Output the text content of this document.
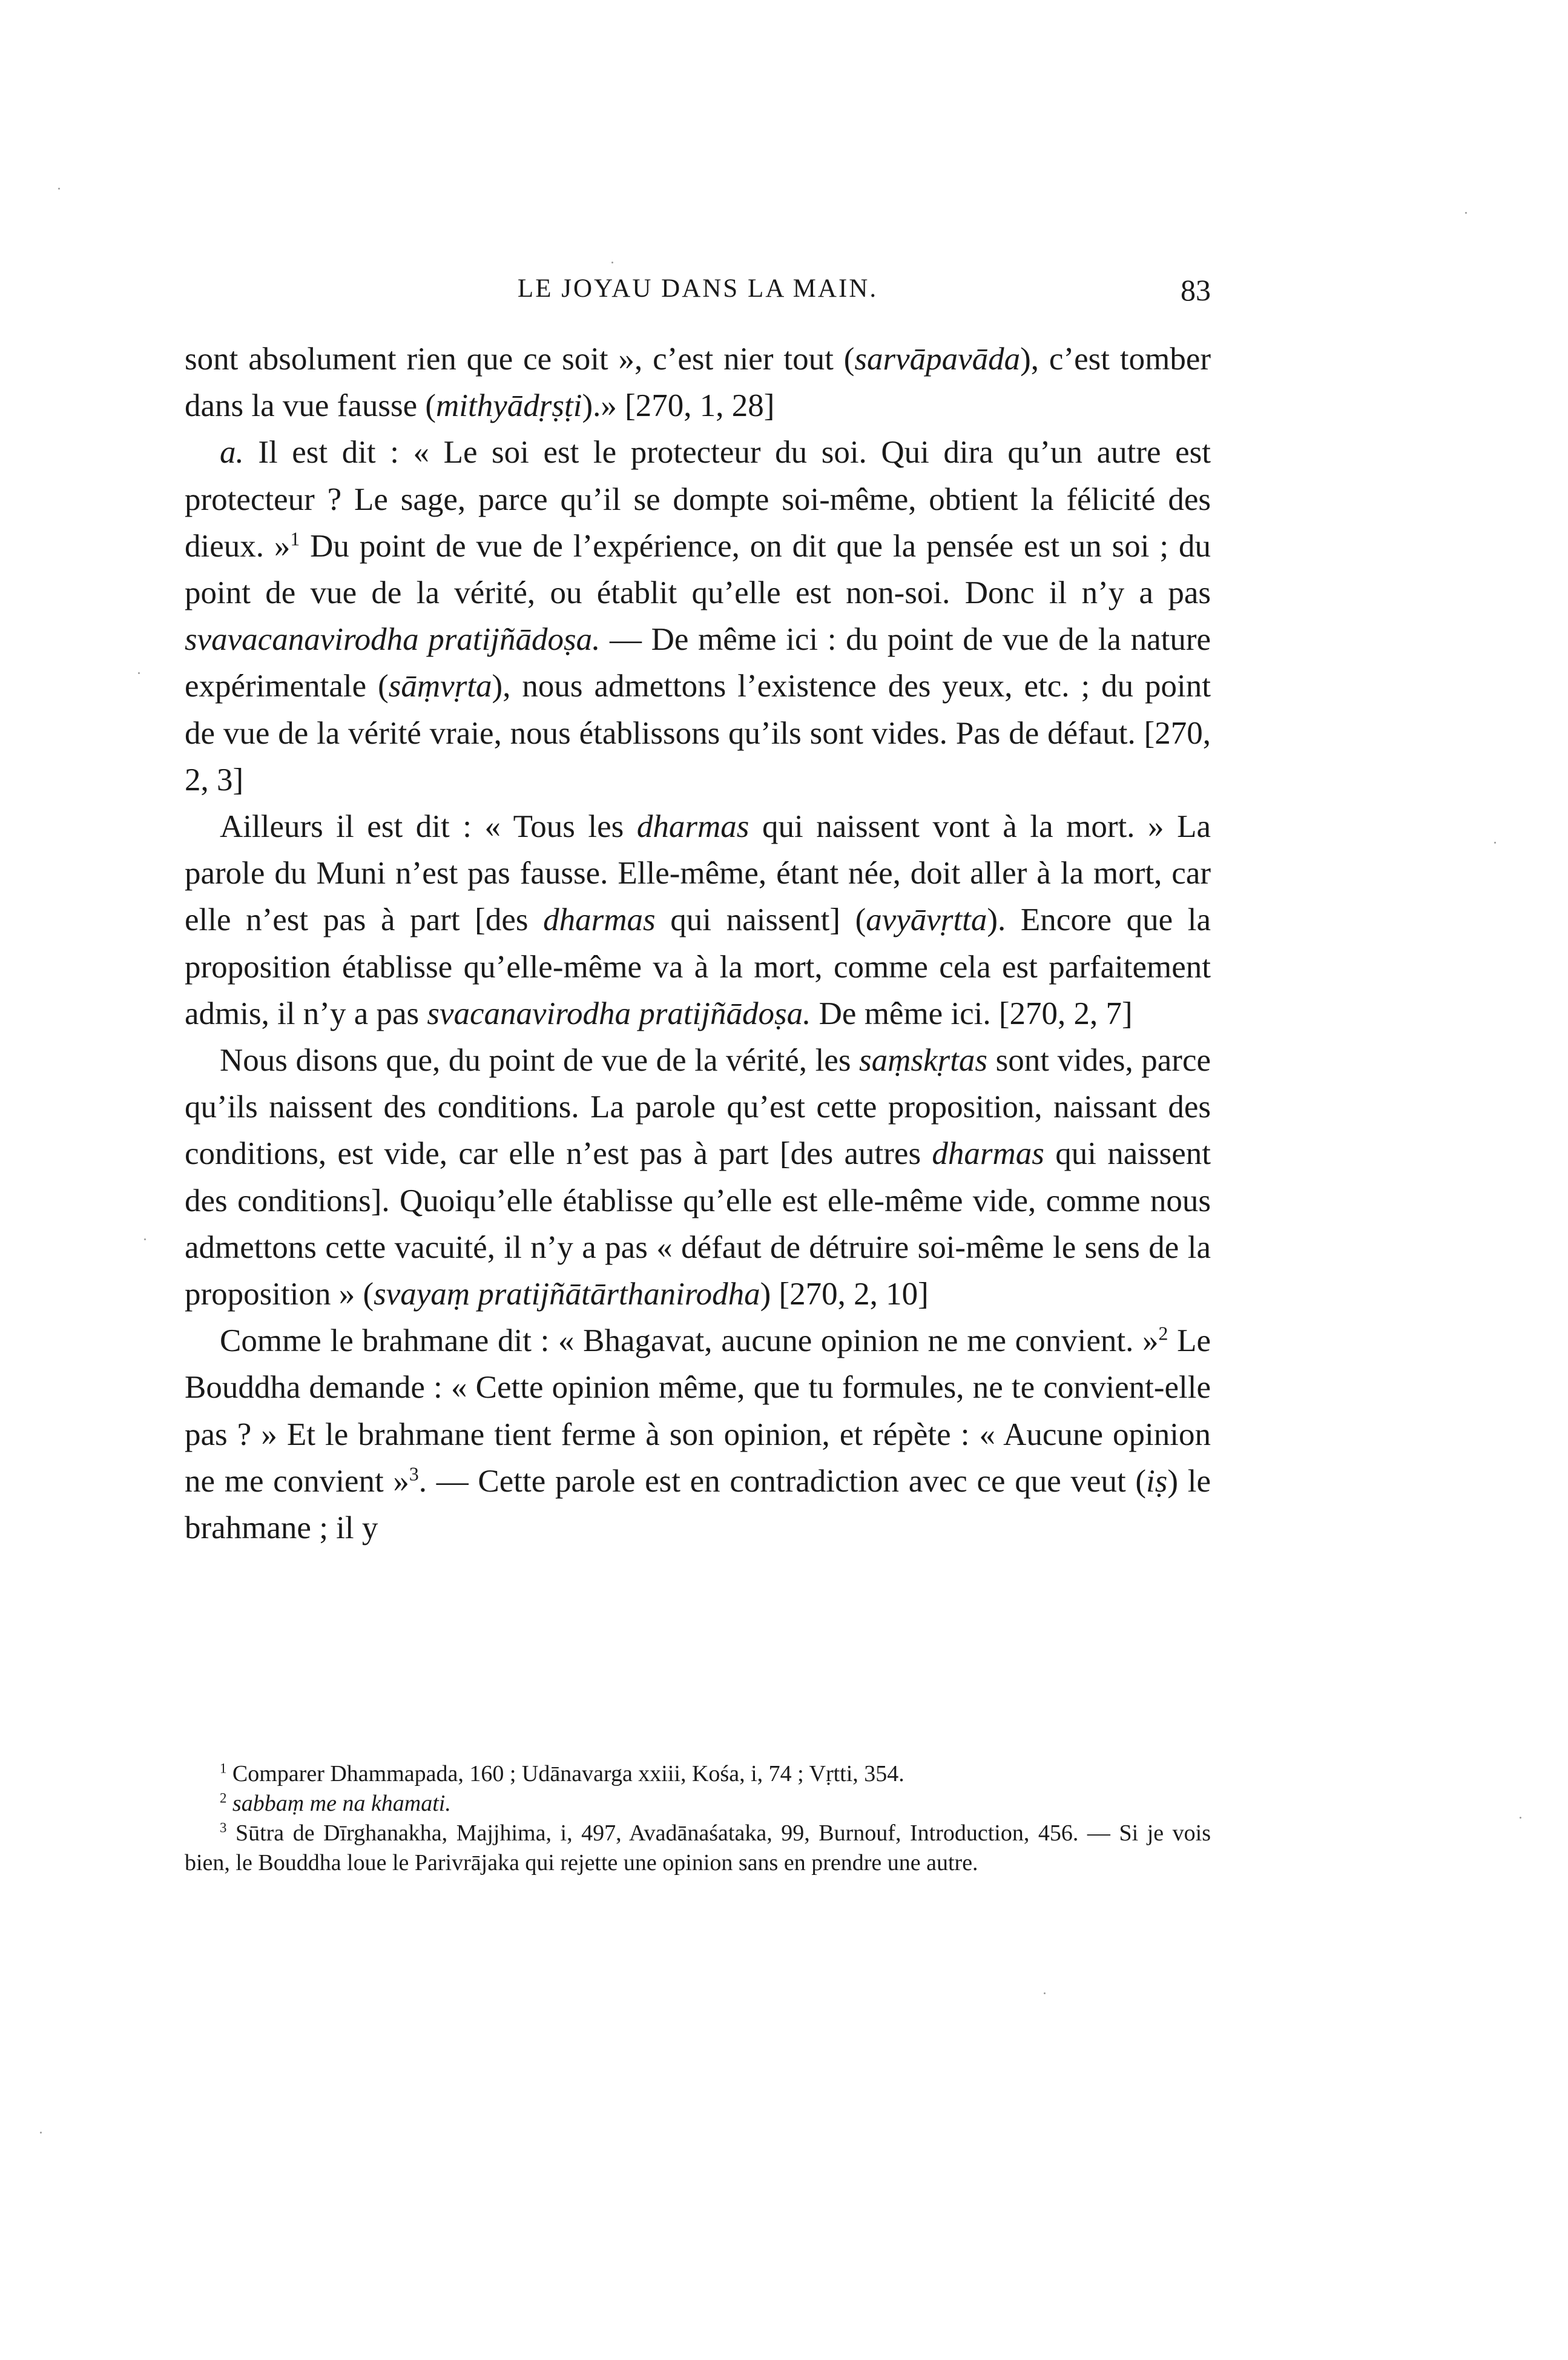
LE JOYAU DANS LA MAIN.	83

sont absolument rien que ce soit », c’est nier tout (sarvāpavāda), c’est tomber dans la vue fausse (mithyādṛṣṭi).» [270, 1, 28]

a. Il est dit : « Le soi est le protecteur du soi. Qui dira qu’un autre est protecteur ? Le sage, parce qu’il se dompte soi-même, obtient la félicité des dieux. »$^1$ Du point de vue de l’expérience, on dit que la pensée est un soi ; du point de vue de la vérité, ou établit qu’elle est non-soi. Donc il n’y a pas svavacanavirodha pratijñādoṣa. — De même ici : du point de vue de la nature expérimentale (sāṃvṛta), nous admettons l’existence des yeux, etc. ; du point de vue de la vérité vraie, nous établissons qu’ils sont vides. Pas de défaut. [270, 2, 3]

Ailleurs il est dit : « Tous les dharmas qui naissent vont à la mort. » La parole du Muni n’est pas fausse. Elle-même, étant née, doit aller à la mort, car elle n’est pas à part [des dharmas qui naissent] (avyāvṛtta). Encore que la proposition établisse qu’elle-même va à la mort, comme cela est parfaitement admis, il n’y a pas svacanavirodha pratijñādoṣa. De même ici. [270, 2, 7]

Nous disons que, du point de vue de la vérité, les saṃskṛtas sont vides, parce qu’ils naissent des conditions. La parole qu’est cette proposition, naissant des conditions, est vide, car elle n’est pas à part [des autres dharmas qui naissent des conditions]. Quoiqu’elle établisse qu’elle est elle-même vide, comme nous admettons cette vacuité, il n’y a pas « défaut de détruire soi-même le sens de la proposition » (svayaṃ pratijñātārthanirodha) [270, 2, 10]

Comme le brahmane dit : « Bhagavat, aucune opinion ne me convient. »$^2$ Le Bouddha demande : « Cette opinion même, que tu formules, ne te convient-elle pas ? » Et le brahmane tient ferme à son opinion, et répète : « Aucune opinion ne me convient »$^3$. — Cette parole est en contradiction avec ce que veut (iṣ) le brahmane ; il y

$^1$ Comparer Dhammapada, 160 ; Udānavarga xxiii, Kośa, i, 74 ; Vṛtti, 354.

$^2$ sabbaṃ me na khamati.

$^3$ Sūtra de Dīrghanakha, Majjhima, i, 497, Avadānaśataka, 99, Burnouf, Introduction, 456. — Si je vois bien, le Bouddha loue le Parivrājaka qui rejette une opinion sans en prendre une autre.
